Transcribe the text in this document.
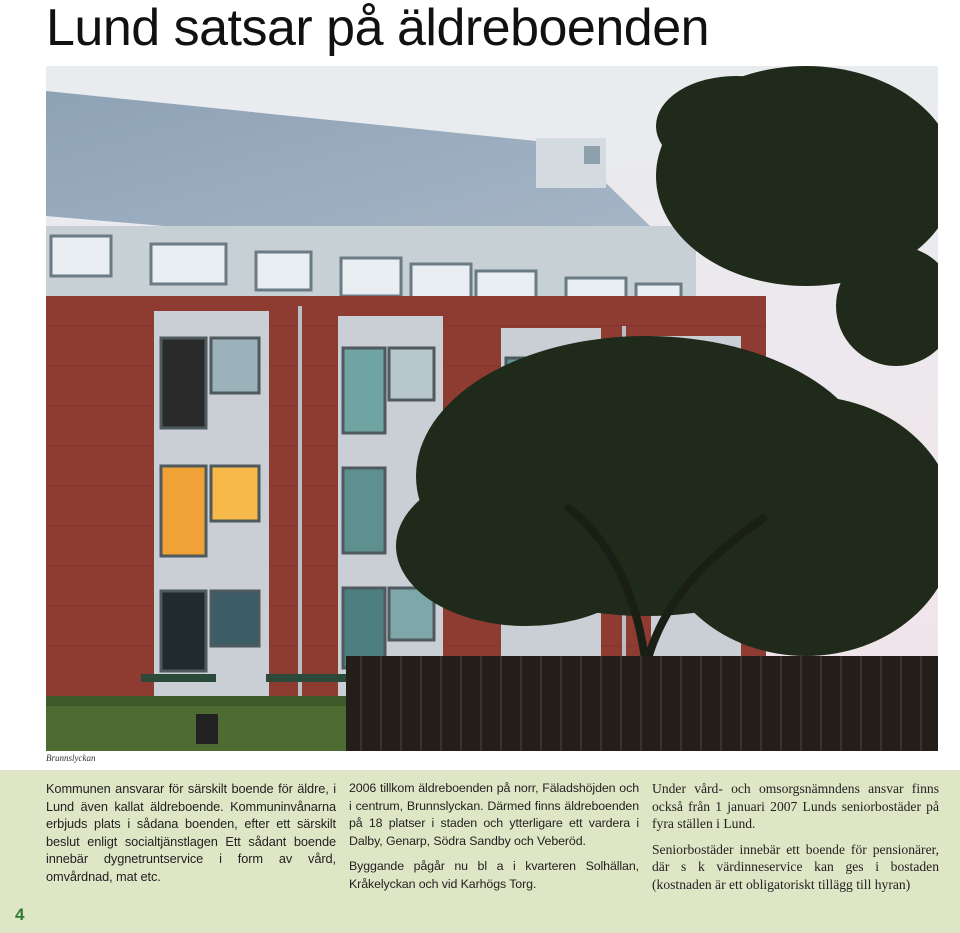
Lund satsar på äldreboenden
Brunnslyckan
4

Kommunen ansvarar för särskilt boende för äldre, i Lund även kallat äldreboende. Kommuninvånarna erbjuds plats i sådana boenden, efter ett särskilt beslut enligt socialtjänstlagen Ett sådant boende innebär dygnetruntservice i form av vård, omvårdnad, mat etc.

2006 tillkom äldreboenden på norr, Fäladshöjden och i centrum, Brunnslyckan. Därmed finns äldreboenden på 18 platser i staden och ytterligare ett vardera i Dalby, Genarp, Södra Sandby och Veberöd.

Byggande pågår nu bl a i kvarteren Solhällan, Kråkelyckan och vid Karhögs Torg.

Under vård- och omsorgsnämndens ansvar finns också från 1 januari 2007 Lunds seniorbostäder på fyra ställen i Lund.

Seniorbostäder innebär ett boende för pensionärer, där s k värdinneservice kan ges i bostaden (kostnaden är ett obligatoriskt tillägg till hyran)
